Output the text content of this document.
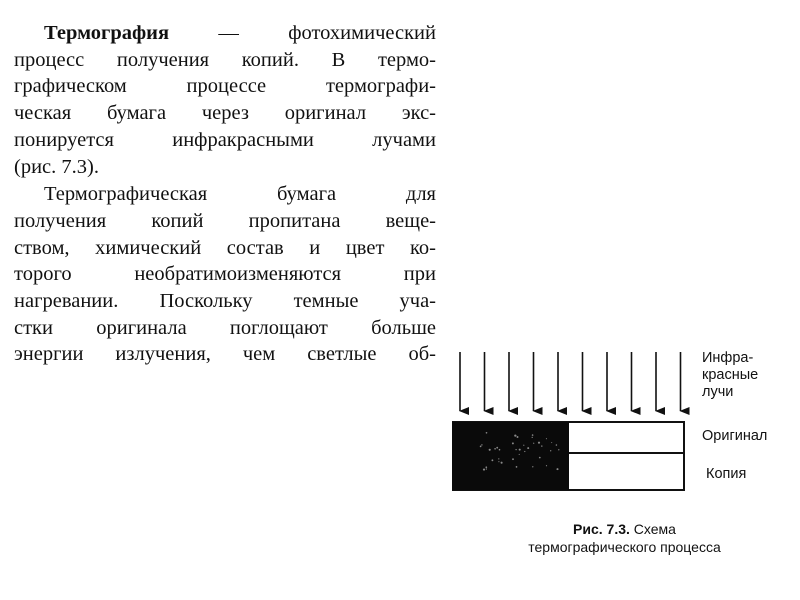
Термография — фотохимический

процесс получения копий. В термо-

графическом процессе термографи-

ческая бумага через оригинал экс-

понируется инфракрасными лучами

(рис. 7.3).

Термографическая бумага для

получения копий пропитана веще-

ством, химический состав и цвет ко-

торого необратимоизменяются при

нагревании. Поскольку темные уча-

стки оригинала поглощают больше

энергии излучения, чем светлые об-	Инфра-
красные
лучи
Оригинал
Копия
Рис. 7.3. Схема
термографического процесса
